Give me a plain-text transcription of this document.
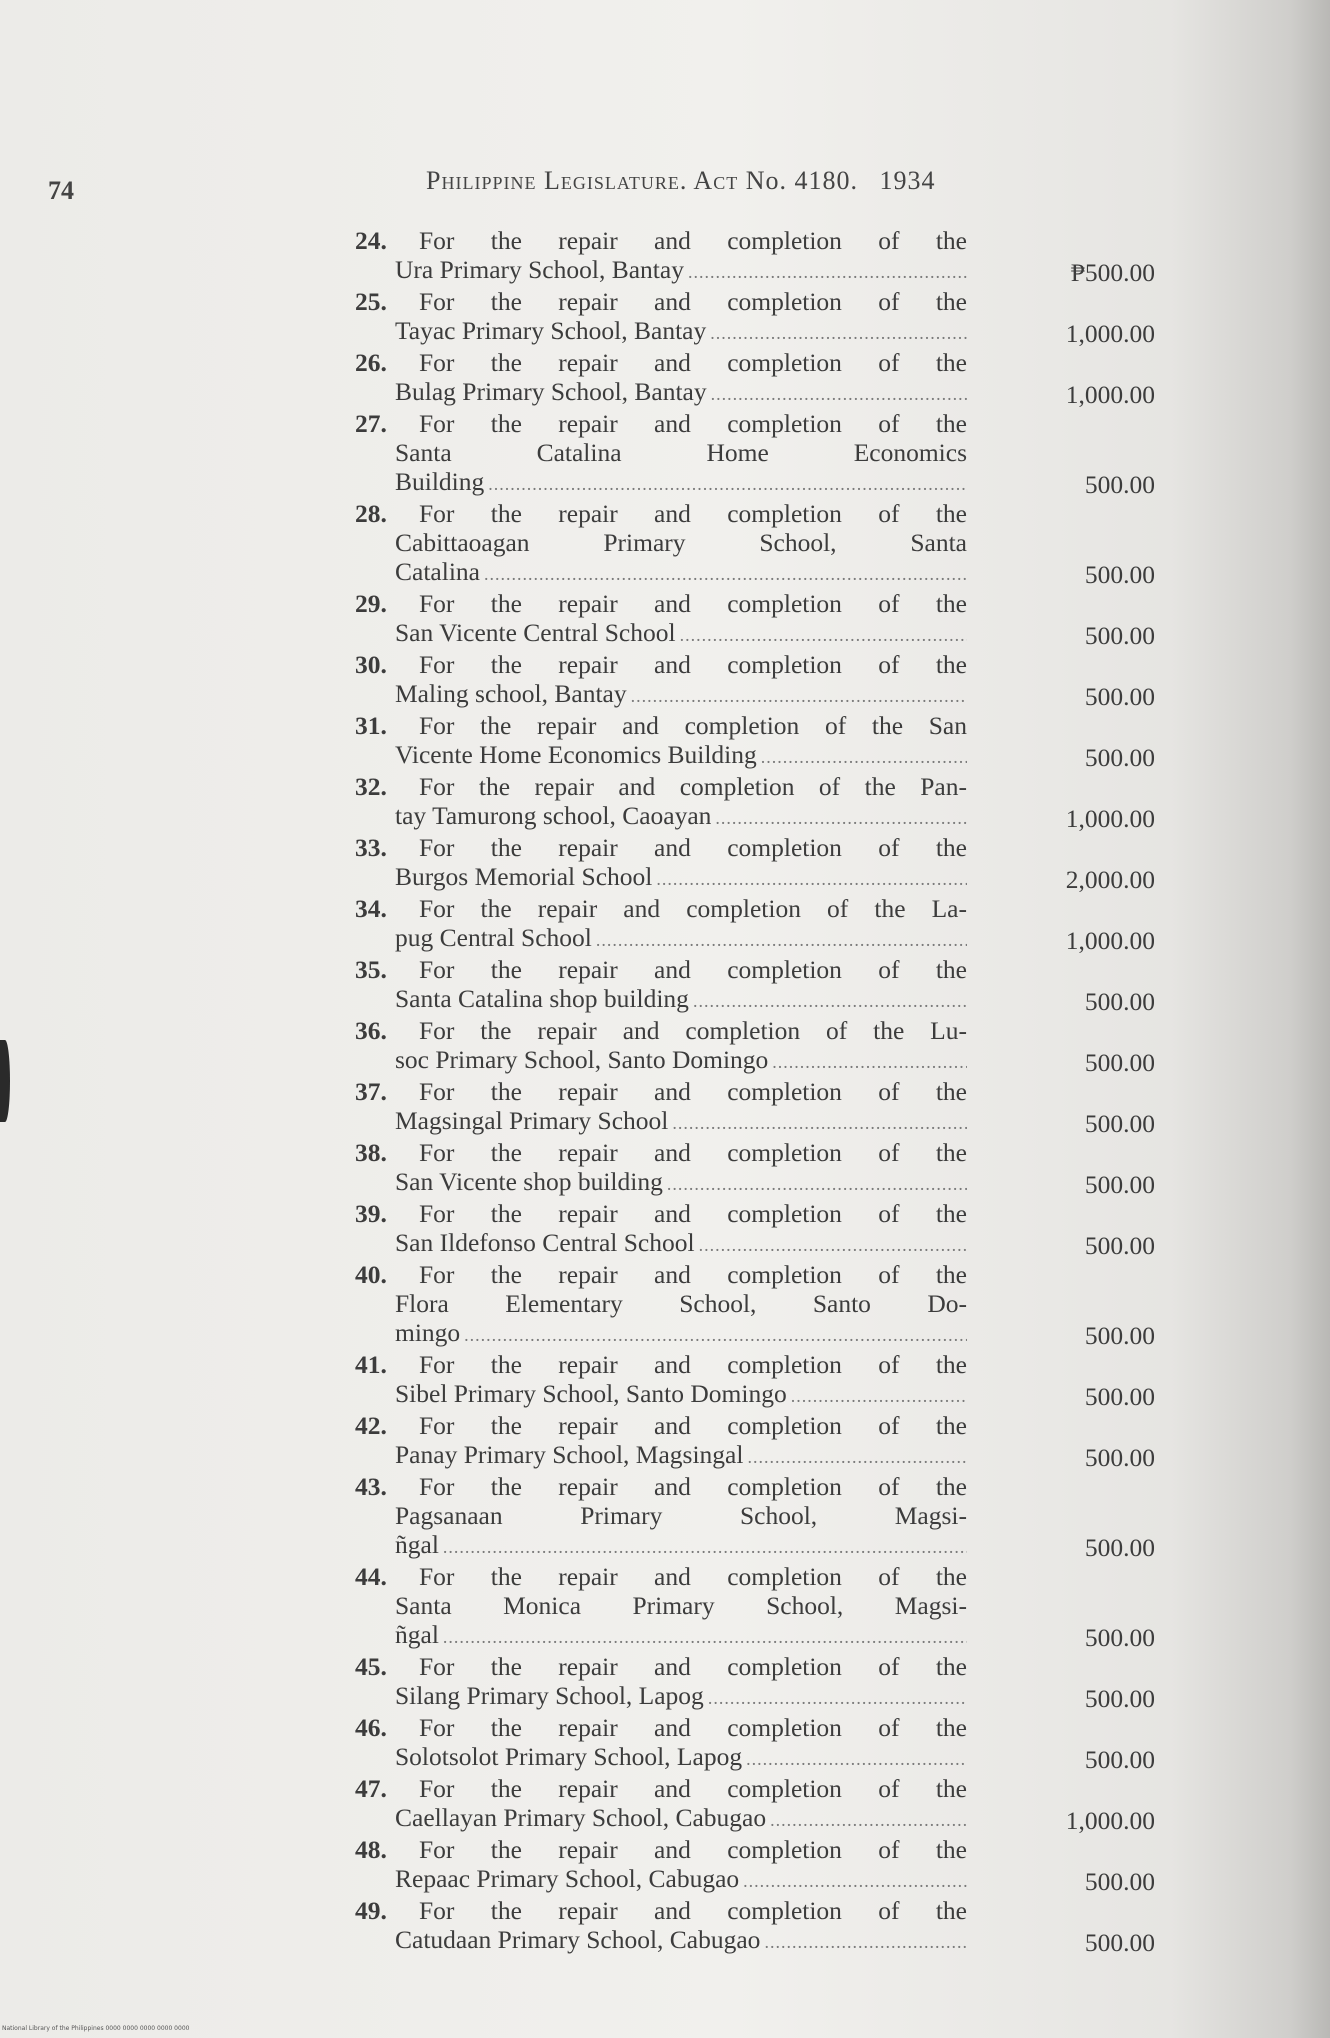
74	Philippine Legislature. Act No. 4180. 1934
24. For the repair and completion of the
Ura Primary School, Bantay .....	₱500.00
25. For the repair and completion of the
Tayac Primary School, Bantay .....	1,000.00
26. For the repair and completion of the
Bulag Primary School, Bantay .....	1,000.00
27. For the repair and completion of the
Santa Catalina Home Economics
Building .....	500.00
28. For the repair and completion of the
Cabittaoagan Primary School, Santa
Catalina .....	500.00
29. For the repair and completion of the
San Vicente Central School .....	500.00
30. For the repair and completion of the
Maling school, Bantay .....	500.00
31. For the repair and completion of the San
Vicente Home Economics Building .....	500.00
32. For the repair and completion of the Pan-
tay Tamurong school, Caoayan .....	1,000.00
33. For the repair and completion of the
Burgos Memorial School .....	2,000.00
34. For the repair and completion of the La-
pug Central School .....	1,000.00
35. For the repair and completion of the
Santa Catalina shop building .....	500.00
36. For the repair and completion of the Lu-
soc Primary School, Santo Domingo .....	500.00
37. For the repair and completion of the
Magsingal Primary School .....	500.00
38. For the repair and completion of the
San Vicente shop building .....	500.00
39. For the repair and completion of the
San Ildefonso Central School .....	500.00
40. For the repair and completion of the
Flora Elementary School, Santo Do-
mingo .....	500.00
41. For the repair and completion of the
Sibel Primary School, Santo Domingo .....	500.00
42. For the repair and completion of the
Panay Primary School, Magsingal .....	500.00
43. For the repair and completion of the
Pagsanaan Primary School, Magsi-
ñgal .....	500.00
44. For the repair and completion of the
Santa Monica Primary School, Magsi-
ñgal .....	500.00
45. For the repair and completion of the
Silang Primary School, Lapog .....	500.00
46. For the repair and completion of the
Solotsolot Primary School, Lapog .....	500.00
47. For the repair and completion of the
Caellayan Primary School, Cabugao .....	1,000.00
48. For the repair and completion of the
Repaac Primary School, Cabugao .....	500.00
49. For the repair and completion of the
Catudaan Primary School, Cabugao .....	500.00
National Library of the Philippines 0000 0000 0000 0000 0000
